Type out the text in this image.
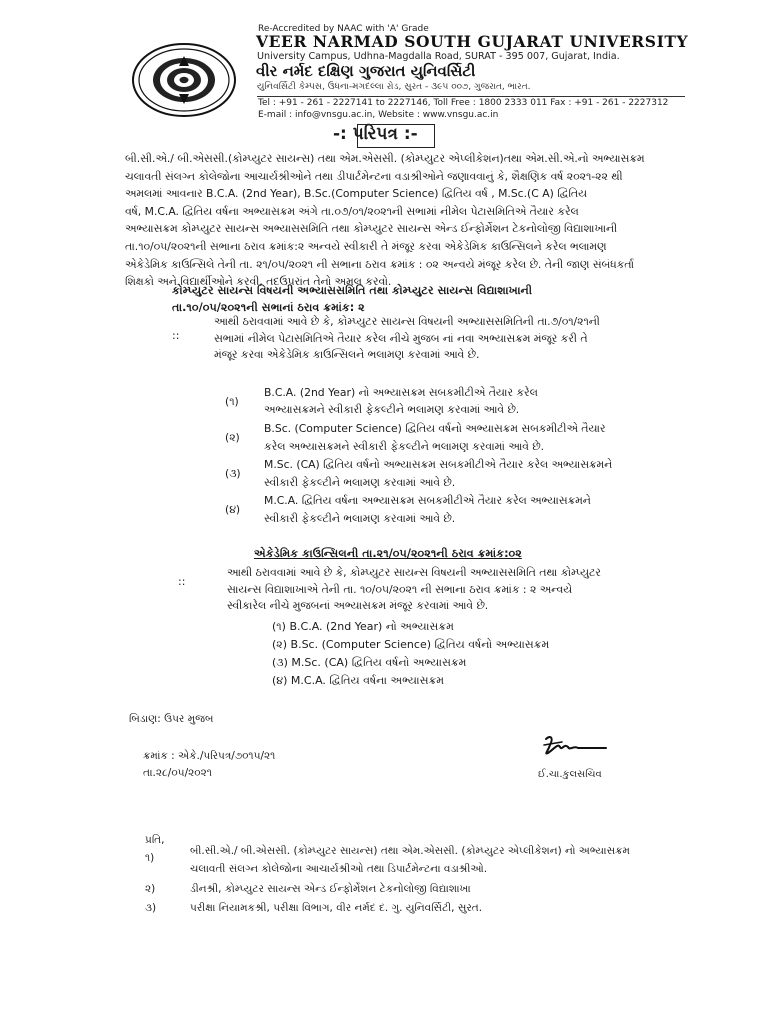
Re-Accredited by NAAC with 'A' Grade
VEER NARMAD SOUTH GUJARAT UNIVERSITY
University Campus, Udhna-Magdalla Road, SURAT - 395 007, Gujarat, India.
વીર નર્મદ દક્ષિણ ગુજરાત યુનિવર્સિટી
યુનિવર્સિટી કેમ્પસ, ઉધના-મગદલ્લા રોડ, સુરત - ૩૯૫ ૦૦૭, ગુજરાત, ભારત.
Tel : +91 - 261 - 2227141 to 2227146, Toll Free : 1800 2333 011 Fax : +91 - 261 - 2227312
E-mail : info@vnsgu.ac.in, Website : www.vnsgu.ac.in
-: પરિપત્ર :-
બી.સી.એ./ બી.એસસી.(કોમ્પ્યુટર સાયન્સ) તથા એમ.એસસી. (કોમ્પ્યુટર એપ્લીકેશન)તથા એમ.સી.એ.નો અભ્યાસક્રમ
ચલાવતી સંલગ્ન કોલેજોના આચાર્યશ્રીઓને તથા ડીપાર્ટમેન્ટના વડાશ્રીઓને જણાવવાનું કે, શૈક્ષણિક વર્ષ ૨૦૨૧-૨૨ થી
અમલમાં આવનાર B.C.A. (2nd Year), B.Sc.(Computer Science) દ્વિતિય વર્ષ , M.Sc.(C A) દ્વિતિય
વર્ષ, M.C.A. દ્વિતિય વર્ષના અભ્યાસક્રમ અંગે તા.૦૭/૦૧/૨૦૨૧ની સભામાં નીમેલ પેટાસમિતિએ તૈયાર કરેલ
અભ્યાસક્રમ કોમ્પ્યુટર સાયન્સ અભ્યાસસમિતિ તથા કોમ્પ્યુટર સાયન્સ એન્ડ ઈન્ફોર્મેશન ટેકનોલોજી વિદ્યાશાખાની
તા.૧૦/૦૫/૨૦૨૧ની સભાના ઠરાવ ક્રમાંક:૨ અન્વયે સ્વીકારી તે મંજૂર કરવા એકેડેમિક કાઉન્સિલને કરેલ ભલામણ
એકેડેમિક કાઉન્સિલે તેની તા. ૨૧/૦૫/૨૦૨૧ ની સભાના ઠરાવ ક્રમાંક : ૦૨ અન્વયે મંજૂર કરેલ છે. તેની જાણ સંબંધકર્તા
શિક્ષકો અને વિદ્યાર્થીઓને કરવી, તદઉપરાંત તેનો અમલ કરવો.
કોમ્પ્યુટર સાયન્સ વિષયની અભ્યાસસમિતિ તથા કોમ્પ્યુટર સાયન્સ વિદ્યાશાખાની
તા.૧૦/૦૫/૨૦૨૧ની સભાનાં ઠરાવ ક્રમાંક: ૨
::
આથી ઠરાવવામાં આવે છે કે, કોમ્પ્યુટર સાયન્સ વિષયની અભ્યાસસમિતિની તા.૭/૦૧/૨૧ની
સભામાં નીમેલ પેટાસમિતિએ તૈયાર કરેલ નીચે મુજબ નાં નવા અભ્યાસક્રમ મંજૂર કરી તે
મંજૂર કરવા એકેડેમિક કાઉન્સિલને ભલામણ કરવામાં આવે છે.
(૧)
B.C.A. (2nd Year) નો અભ્યાસક્રમ સબકમીટીએ તૈયાર કરેલ
અભ્યાસક્રમને સ્વીકારી ફેકલ્ટીને ભલામણ કરવામાં આવે છે.
(૨)
B.Sc. (Computer Science) દ્વિતિય વર્ષનો અભ્યાસક્રમ સબકમીટીએ તૈયાર
કરેલ અભ્યાસક્રમને સ્વીકારી ફેકલ્ટીને ભલામણ કરવામાં આવે છે.
(૩)
M.Sc. (CA) દ્વિતિય વર્ષનો અભ્યાસક્રમ સબકમીટીએ તૈયાર કરેલ અભ્યાસક્રમને
સ્વીકારી ફેકલ્ટીને ભલામણ કરવામાં આવે છે.
(૪)
M.C.A. દ્વિતિય વર્ષના અભ્યાસક્રમ સબકમીટીએ તૈયાર કરેલ અભ્યાસક્રમને
સ્વીકારી ફેકલ્ટીને ભલામણ કરવામાં આવે છે.
એકેડેમિક કાઉન્સિલની તા.૨૧/૦૫/૨૦૨૧ની ઠરાવ ક્રમાંક:૦૨
::
આથી ઠરાવવામાં આવે છે કે, કોમ્પ્યુટર સાયન્સ વિષયની અભ્યાસસમિતિ તથા કોમ્પ્યુટર
સાયન્સ વિદ્યાશાખાએ તેની તા. ૧૦/૦૫/૨૦૨૧ ની સભાના ઠરાવ ક્રમાંક : ૨ અન્વયે
સ્વીકારેલ નીચે મુજબનાં અભ્યાસક્રમ મંજૂર કરવામાં આવે છે.
(૧) B.C.A. (2nd Year) નો અભ્યાસક્રમ
(૨) B.Sc. (Computer Science) દ્વિતિય વર્ષનો અભ્યાસક્રમ
(૩) M.Sc. (CA) દ્વિતિય વર્ષનો અભ્યાસક્રમ
(૪) M.C.A. દ્વિતિય વર્ષના અભ્યાસક્રમ
બિડાણ: ઉપર મુજબ
ક્રમાંક : એકે./પરિપત્ર/૭૦૧૫/૨૧
તા.૨૮/૦૫/૨૦૨૧	ઈ.ચા.કુલસચિવ
પ્રતિ,
૧)
બી.સી.એ./ બી.એસસી. (કોમ્પ્યુટર સાયન્સ) તથા એમ.એસસી. (કોમ્પ્યુટર એપ્લીકેશન) નો અભ્યાસક્રમ
ચલાવતી સંલગ્ન કોલેજોના આચાર્યશ્રીઓ તથા ડિપાર્ટમેન્ટના વડાશ્રીઓ.
૨)	ડીનશ્રી, કોમ્પ્યુટર સાયન્સ એન્ડ ઈન્ફોર્મેશન ટેકનોલોજી વિદ્યાશાખા
૩)	પરીક્ષા નિયામકશ્રી, પરીક્ષા વિભાગ, વીર નર્મદ દ. ગુ. યુનિવર્સિટી, સુરત.
